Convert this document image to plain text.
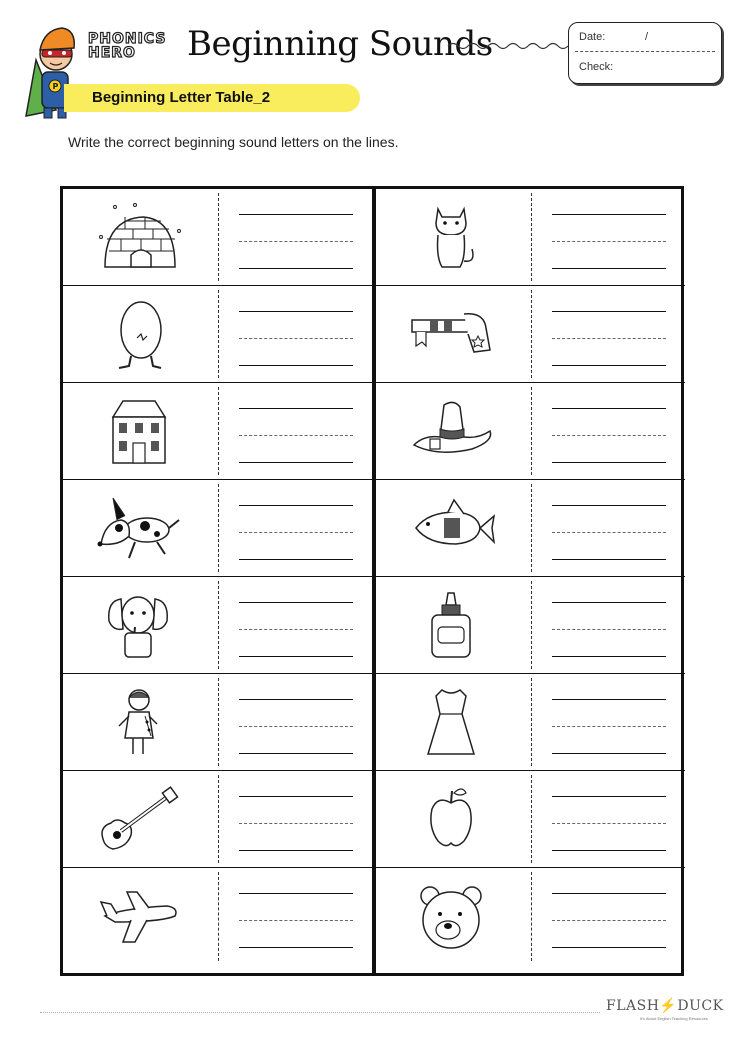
P
PHONICS
HERO	Beginning Sounds	Date:	/
Check:
Beginning Letter Table_2
Write the correct beginning sound letters on the lines.
FLASH⚡DUCK
It's About English Teaching Resources
